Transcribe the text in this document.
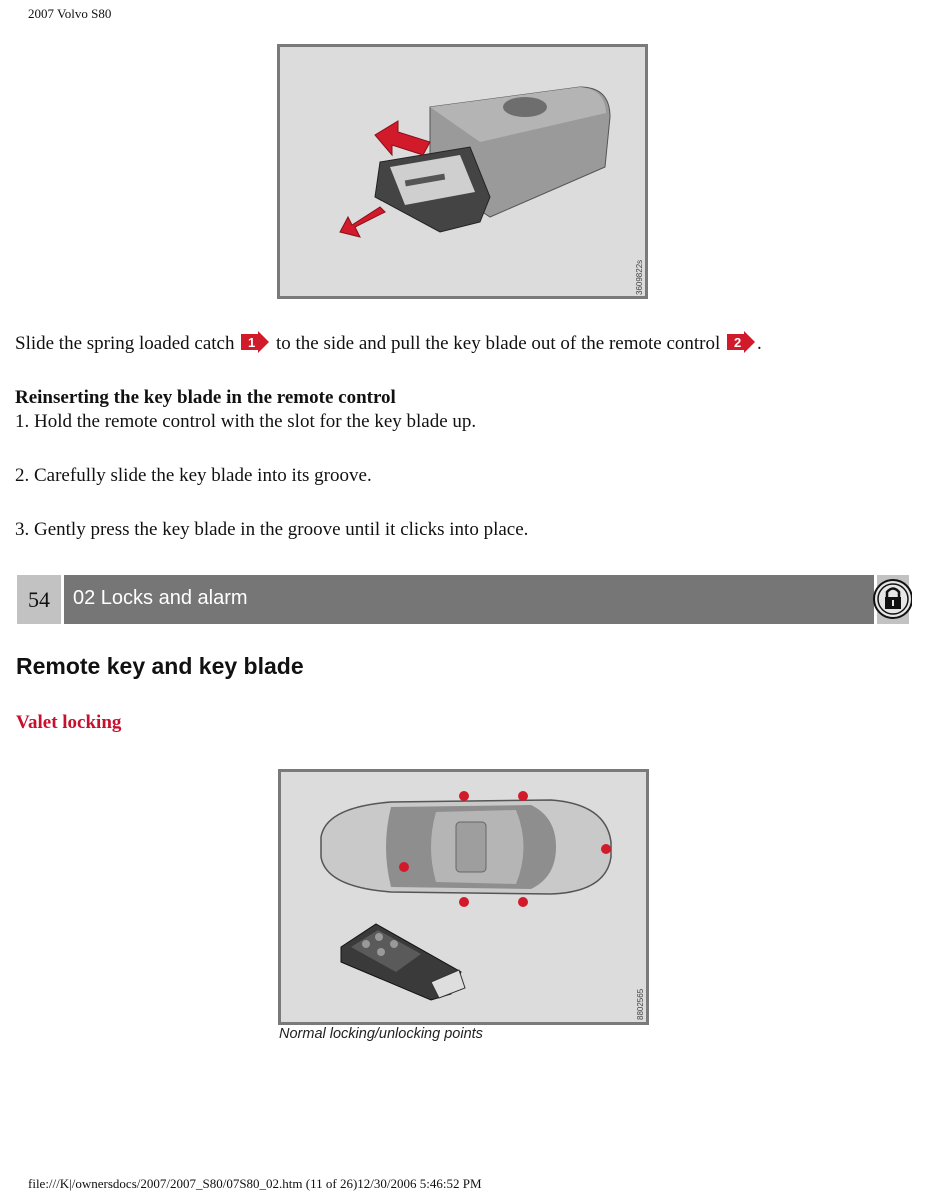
2007 Volvo S80
3609822s
Slide the spring loaded catch 1 to the side and pull the key blade out of the remote control 2 .
Reinserting the key blade in the remote control
1. Hold the remote control with the slot for the key blade up.
2. Carefully slide the key blade into its groove.
3. Gently press the key blade in the groove until it clicks into place.
54	02 Locks and alarm
Remote key and key blade
Valet locking
8802565
Normal locking/unlocking points
file:///K|/ownersdocs/2007/2007_S80/07S80_02.htm (11 of 26)12/30/2006 5:46:52 PM
